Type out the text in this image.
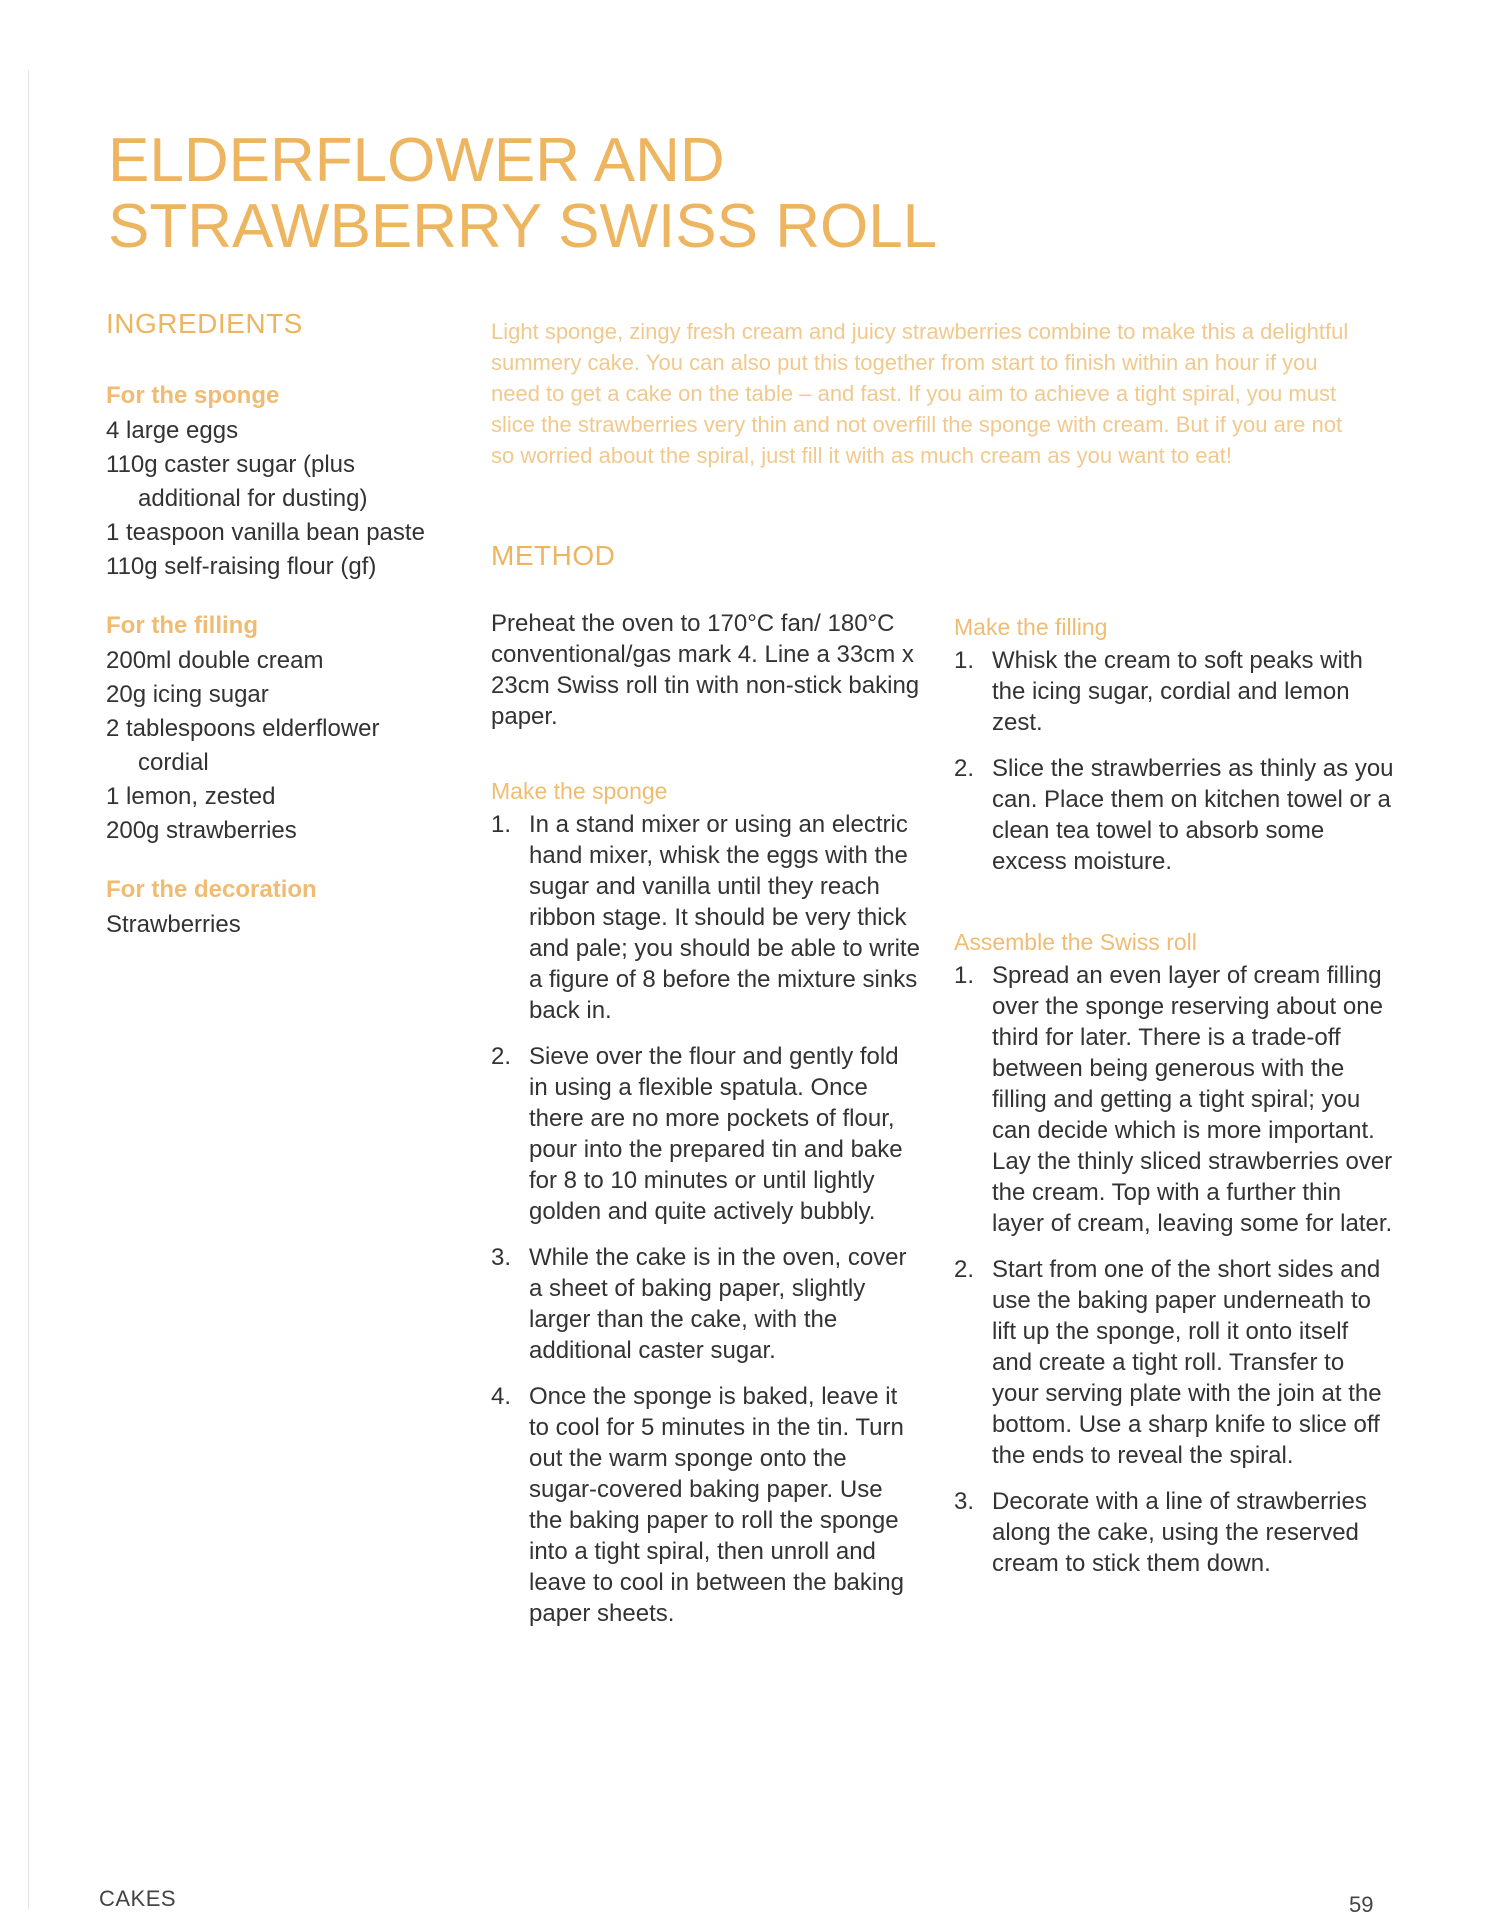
ELDERFLOWER AND
STRAWBERRY SWISS ROLL
INGREDIENTS
For the sponge
4 large eggs
110g caster sugar (plus additional for dusting)
1 teaspoon vanilla bean paste
110g self-raising flour (gf)
For the filling
200ml double cream
20g icing sugar
2 tablespoons elderflower cordial
1 lemon, zested
200g strawberries
For the decoration
Strawberries

Light sponge, zingy fresh cream and juicy strawberries combine to make this a delightful summery cake. You can also put this together from start to finish within an hour if you need to get a cake on the table – and fast. If you aim to achieve a tight spiral, you must slice the strawberries very thin and not overfill the sponge with cream. But if you are not so worried about the spiral, just fill it with as much cream as you want to eat!

METHOD

Preheat the oven to 170°C fan/ 180°C conventional/gas mark 4. Line a 33cm x 23cm Swiss roll tin with non-stick baking paper.

Make the sponge
1. In a stand mixer or using an electric hand mixer, whisk the eggs with the sugar and vanilla until they reach ribbon stage. It should be very thick and pale; you should be able to write a figure of 8 before the mixture sinks back in.
2. Sieve over the flour and gently fold in using a flexible spatula. Once there are no more pockets of flour, pour into the prepared tin and bake for 8 to 10 minutes or until lightly golden and quite actively bubbly.
3. While the cake is in the oven, cover a sheet of baking paper, slightly larger than the cake, with the additional caster sugar.
4. Once the sponge is baked, leave it to cool for 5 minutes in the tin. Turn out the warm sponge onto the sugar-covered baking paper. Use the baking paper to roll the sponge into a tight spiral, then unroll and leave to cool in between the baking paper sheets.
Make the filling
1. Whisk the cream to soft peaks with the icing sugar, cordial and lemon zest.
2. Slice the strawberries as thinly as you can. Place them on kitchen towel or a clean tea towel to absorb some excess moisture.
Assemble the Swiss roll
1. Spread an even layer of cream filling over the sponge reserving about one third for later. There is a trade-off between being generous with the filling and getting a tight spiral; you can decide which is more important. Lay the thinly sliced strawberries over the cream. Top with a further thin layer of cream, leaving some for later.
2. Start from one of the short sides and use the baking paper underneath to lift up the sponge, roll it onto itself and create a tight roll. Transfer to your serving plate with the join at the bottom. Use a sharp knife to slice off the ends to reveal the spiral.
3. Decorate with a line of strawberries along the cake, using the reserved cream to stick them down.
CAKES	59
